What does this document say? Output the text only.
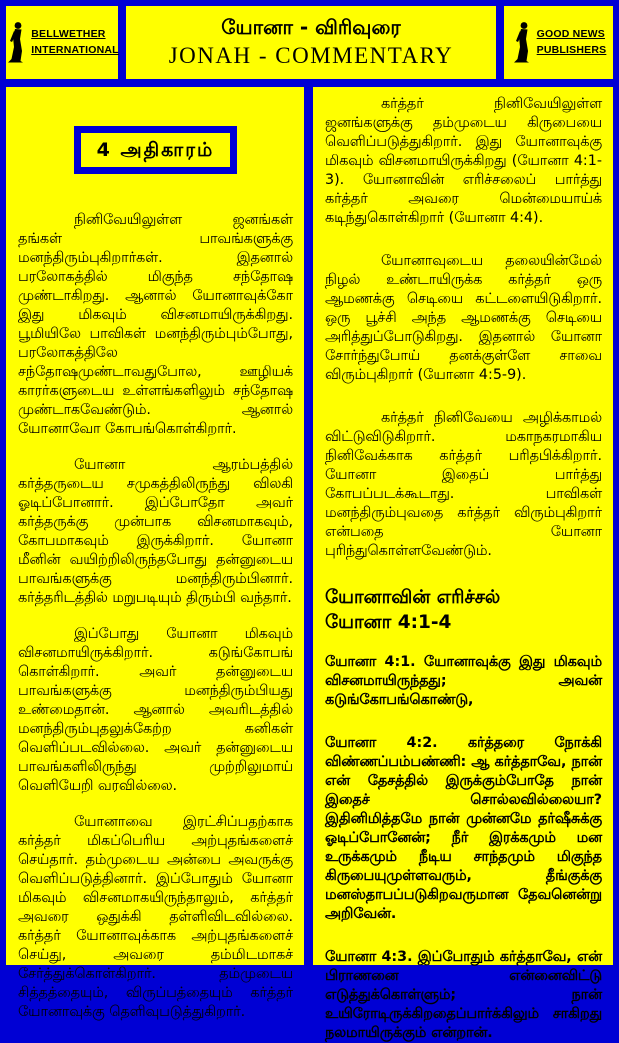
BELLWETHER
INTERNATIONAL
யோனா - விரிவுரை
JONAH - COMMENTARY
GOOD NEWS
PUBLISHERS
4 அதிகாரம்

நினிவேயிலுள்ள ஜனங்கள் தங்கள் பாவங்களுக்கு மனந்திரும்புகிறார்கள். இதனால் பரலோகத்தில் மிகுந்த சந்தோஷ முண்டாகிறது. ஆனால் யோனாவுக்கோ இது மிகவும் விசனமாயிருக்கிறது. பூமியிலே பாவிகள் மனந்திரும்பும்போது, பரலோகத்திலே சந்தோஷமுண்டாவதுபோல, ஊழியக் காரர்களுடைய உள்ளங்களிலும் சந்தோஷ முண்டாகவேண்டும். ஆனால் யோனாவோ கோபங்கொள்கிறார்.

யோனா ஆரம்பத்தில் கர்த்தருடைய சமுகத்திலிருந்து விலகி ஓடிப்போனார். இப்போதோ அவர் கர்த்தருக்கு முன்பாக விசனமாகவும், கோபமாகவும் இருக்கிறார். யோனா மீனின் வயிற்றிலிருந்தபோது தன்னுடைய பாவங்களுக்கு மனந்திரும்பினார். கர்த்தரிடத்தில் மறுபடியும் திரும்பி வந்தார்.

இப்போது யோனா மிகவும் விசனமாயிருக்கிறார். கடுங்கோபங் கொள்கிறார். அவர் தன்னுடைய பாவங்களுக்கு மனந்திரும்பியது உண்மைதான். ஆனால் அவரிடத்தில் மனந்திரும்புதலுக்கேற்ற கனிகள் வெளிப்படவில்லை. அவர் தன்னுடைய பாவங்களிலிருந்து முற்றிலுமாய் வெளியேறி வரவில்லை.

யோனாவை இரட்சிப்பதற்காக கர்த்தர் மிகப்பெரிய அற்புதங்களைச் செய்தார். தம்முடைய அன்பை அவருக்கு வெளிப்படுத்தினார். இப்போதும் யோனா மிகவும் விசனமாகயிருந்தாலும், கர்த்தர் அவரை ஒதுக்கி தள்ளிவிடவில்லை. கர்த்தர் யோனாவுக்காக அற்புதங்களைச் செய்து, அவரை தம்மிடமாகச் சேர்த்துக்கொள்கிறார். தம்முடைய சித்தத்தையும், விருப்பத்தையும் கர்த்தர் யோனாவுக்கு தெளிவுபடுத்துகிறார்.

கர்த்தர் நினிவேயிலுள்ள ஜனங்களுக்கு தம்முடைய கிருபையை வெளிப்படுத்துகிறார். இது யோனாவுக்கு மிகவும் விசனமாயிருக்கிறது (யோனா 4:1-3). யோனாவின் எரிச்சலைப் பார்த்து கர்த்தர் அவரை மென்மையாய்க் கடிந்துகொள்கிறார் (யோனா 4:4).

யோனாவுடைய தலையின்மேல் நிழல் உண்டாயிருக்க கர்த்தர் ஒரு ஆமணக்கு செடியை கட்டளையிடுகிறார். ஒரு பூச்சி அந்த ஆமணக்கு செடியை அரித்துப்போடுகிறது. இதனால் யோனா சோர்ந்துபோய் தனக்குள்ளே சாவை விரும்புகிறார் (யோனா 4:5-9).

கர்த்தர் நினிவேயை அழிக்காமல் விட்டுவிடுகிறார். மகாநகரமாகிய நினிவேக்காக கர்த்தர் பரிதபிக்கிறார். யோனா இதைப் பார்த்து கோபப்படக்கூடாது. பாவிகள் மனந்திரும்புவதை கர்த்தர் விரும்புகிறார் என்பதை யோனா புரிந்துகொள்ளவேண்டும்.

யோனாவின் எரிச்சல்
யோனா 4:1-4

யோனா 4:1. யோனாவுக்கு இது மிகவும் விசனமாயிருந்தது; அவன் கடுங்கோபங்கொண்டு,

யோனா 4:2. கர்த்தரை நோக்கி விண்ணப்பம்பண்ணி: ஆ கர்த்தாவே, நான் என் தேசத்தில் இருக்கும்போதே நான் இதைச் சொல்லவில்லையா? இதினிமித்தமே நான் முன்னமே தர்ஷீசுக்கு ஓடிப்போனேன்; நீர் இரக்கமும் மன உருக்கமும் நீடிய சாந்தமும் மிகுந்த கிருபையுமுள்ளவரும், தீங்குக்கு மனஸ்தாபப்படுகிறவருமான தேவனென்று அறிவேன்.

யோனா 4:3. இப்போதும் கர்த்தாவே, என் பிராணனை என்னைவிட்டு எடுத்துக்கொள்ளும்; நான் உயிரோடிருக்கிறதைப்பார்க்கிலும் சாகிறது நலமாயிருக்கும் என்றான்.
